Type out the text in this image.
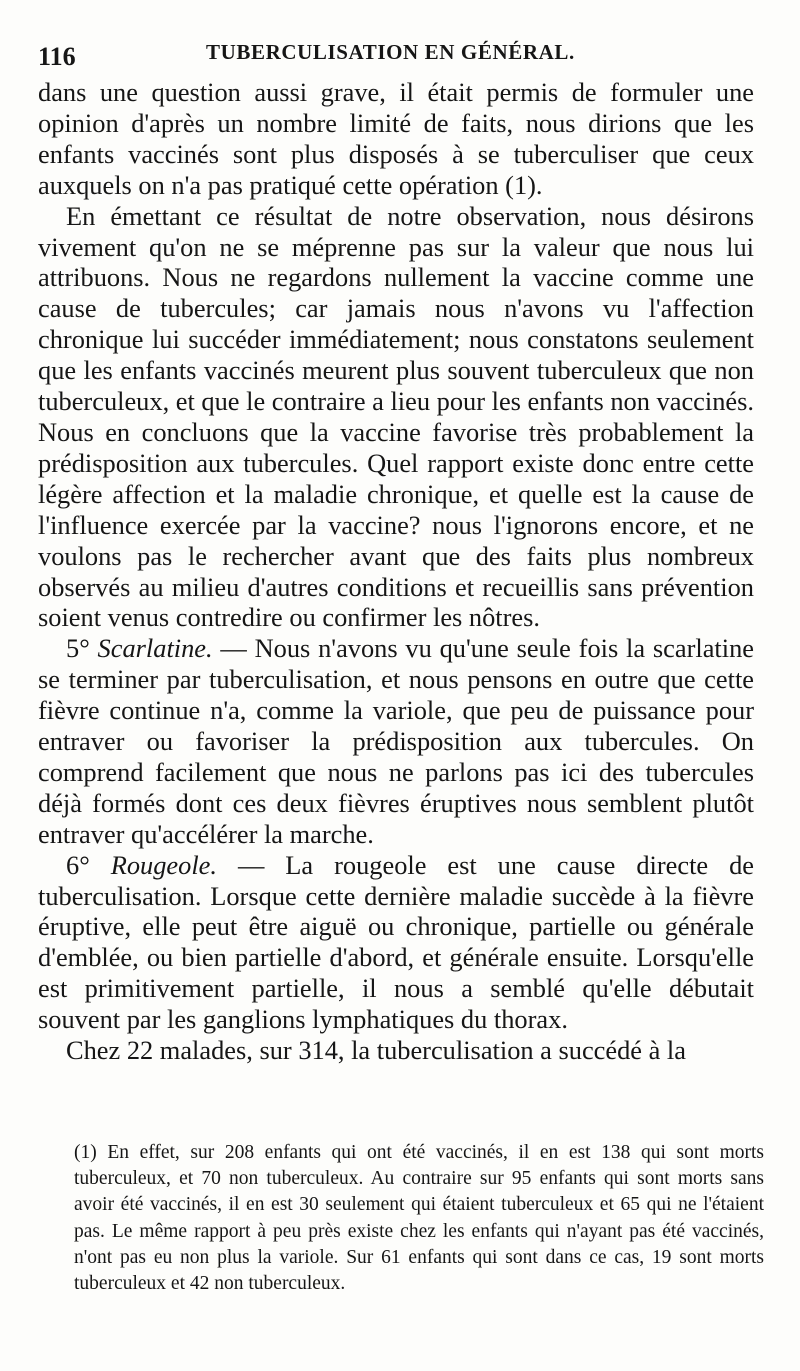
116	TUBERCULISATION EN GÉNÉRAL.

dans une question aussi grave, il était permis de formuler une opinion d'après un nombre limité de faits, nous dirions que les enfants vaccinés sont plus disposés à se tuberculiser que ceux auxquels on n'a pas pratiqué cette opération (1).

En émettant ce résultat de notre observation, nous désirons vivement qu'on ne se méprenne pas sur la valeur que nous lui attribuons. Nous ne regardons nullement la vaccine comme une cause de tubercules; car jamais nous n'avons vu l'affection chronique lui succéder immédiatement; nous constatons seulement que les enfants vaccinés meurent plus souvent tuberculeux que non tuberculeux, et que le contraire a lieu pour les enfants non vaccinés. Nous en concluons que la vaccine favorise très probablement la prédisposition aux tubercules. Quel rapport existe donc entre cette légère affection et la maladie chronique, et quelle est la cause de l'influence exercée par la vaccine? nous l'ignorons encore, et ne voulons pas le rechercher avant que des faits plus nombreux observés au milieu d'autres conditions et recueillis sans prévention soient venus contredire ou confirmer les nôtres.

5° Scarlatine. — Nous n'avons vu qu'une seule fois la scarlatine se terminer par tuberculisation, et nous pensons en outre que cette fièvre continue n'a, comme la variole, que peu de puissance pour entraver ou favoriser la prédisposition aux tubercules. On comprend facilement que nous ne parlons pas ici des tubercules déjà formés dont ces deux fièvres éruptives nous semblent plutôt entraver qu'accélérer la marche.

6° Rougeole. — La rougeole est une cause directe de tuberculisation. Lorsque cette dernière maladie succède à la fièvre éruptive, elle peut être aiguë ou chronique, partielle ou générale d'emblée, ou bien partielle d'abord, et générale ensuite. Lorsqu'elle est primitivement partielle, il nous a semblé qu'elle débutait souvent par les ganglions lymphatiques du thorax.

Chez 22 malades, sur 314, la tuberculisation a succédé à la

(1) En effet, sur 208 enfants qui ont été vaccinés, il en est 138 qui sont morts tuberculeux, et 70 non tuberculeux. Au contraire sur 95 enfants qui sont morts sans avoir été vaccinés, il en est 30 seulement qui étaient tuberculeux et 65 qui ne l'étaient pas. Le même rapport à peu près existe chez les enfants qui n'ayant pas été vaccinés, n'ont pas eu non plus la variole. Sur 61 enfants qui sont dans ce cas, 19 sont morts tuberculeux et 42 non tuberculeux.
